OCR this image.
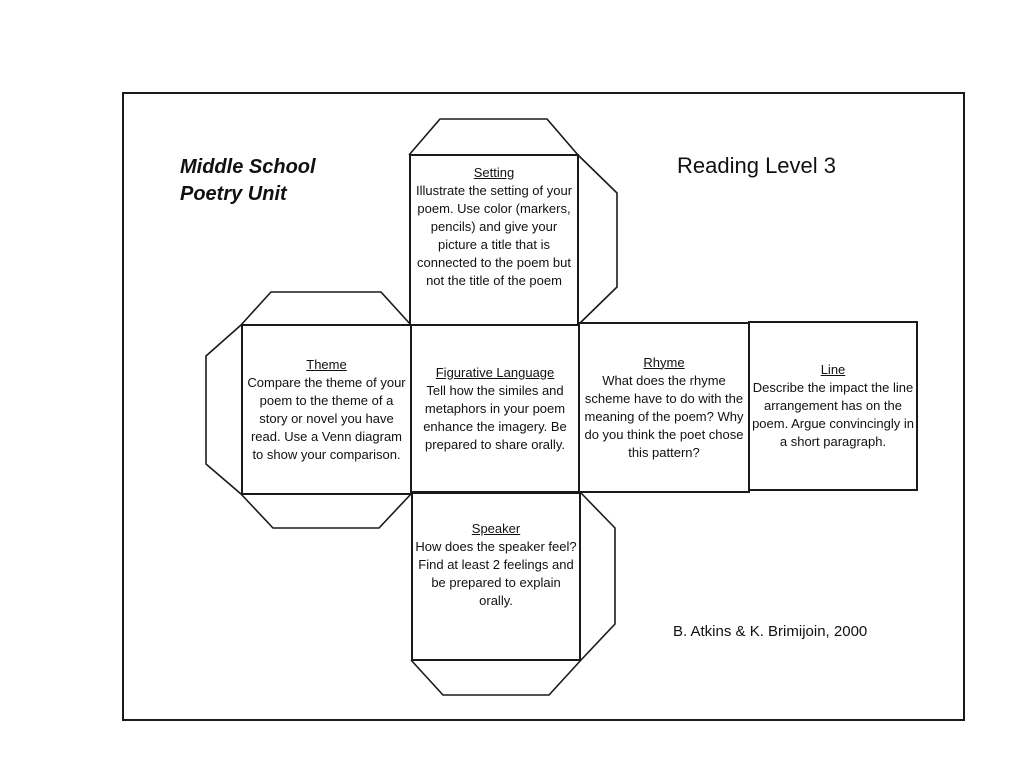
Middle School
Poetry Unit
Reading Level 3
Setting
Illustrate the setting of your poem. Use color (markers, pencils) and give your picture a title that is connected to the poem but not the title of the poem
Theme
Compare the theme of your poem to the theme of a story or novel you have read. Use a Venn diagram to show your comparison.
Figurative Language
Tell how the similes and metaphors in your poem enhance the imagery. Be prepared to share orally.
Rhyme
What does the rhyme scheme have to do with the meaning of the poem? Why do you think the poet chose this pattern?
Line
Describe the impact the line arrangement has on the poem. Argue convincingly in a short paragraph.
Speaker
How does the speaker feel? Find at least 2 feelings and be prepared to explain orally.
B. Atkins & K. Brimijoin, 2000
